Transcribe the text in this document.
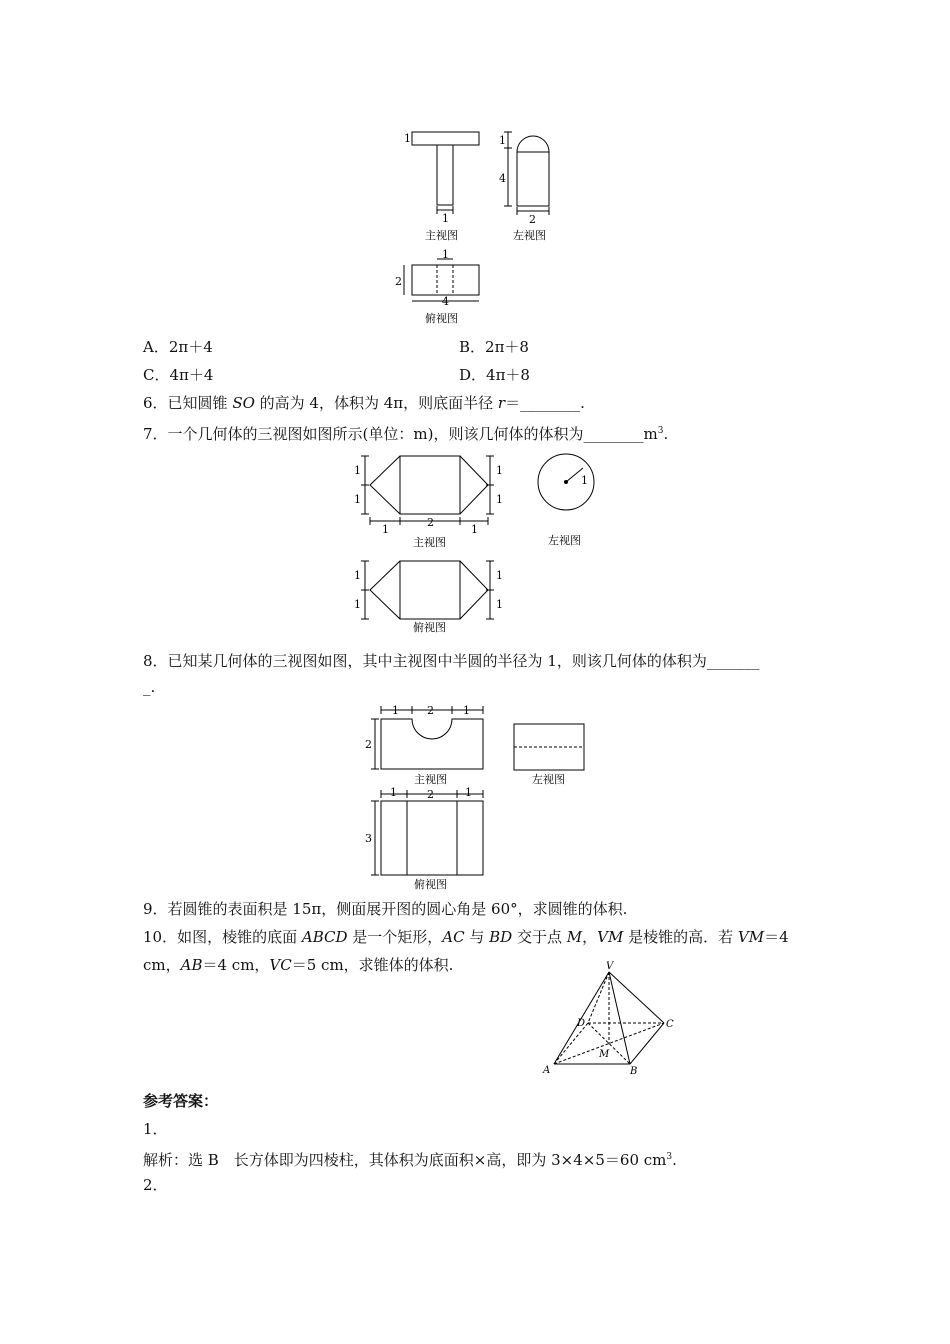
1
1
1
4
2
主视图	左视图
1
2
4
俯视图
A．2π＋4	B．2π＋8
C．4π＋4	D．4π＋8
6．已知圆锥 SO 的高为 4，体积为 4π，则底面半径 r＝________.
7．一个几何体的三视图如图所示(单位：m)，则该几何体的体积为$\_\_\_\_\_\_\_\_m^3$.
1
1
1
1
1
2
1
1
主视图	左视图
1
1
1
1
俯视图
8．已知某几何体的三视图如图，其中主视图中半圆的半径为 1，则该几何体的体积为_______
_.
1	2	1
2
主视图	左视图
1	2	1
3
俯视图
9．若圆锥的表面积是 15π，侧面展开图的圆心角是 60°，求圆锥的体积.
10．如图，棱锥的底面 ABCD 是一个矩形，AC 与 BD 交于点 M，VM 是棱锥的高．若 VM＝4
cm，AB＝4 cm，VC＝5 cm，求锥体的体积.	V
A	B
C
D
M
参考答案：
1．
解析：选 B　长方体即为四棱柱，其体积为底面积×高，即为 3×4×5＝60 $cm^3$.
2．
